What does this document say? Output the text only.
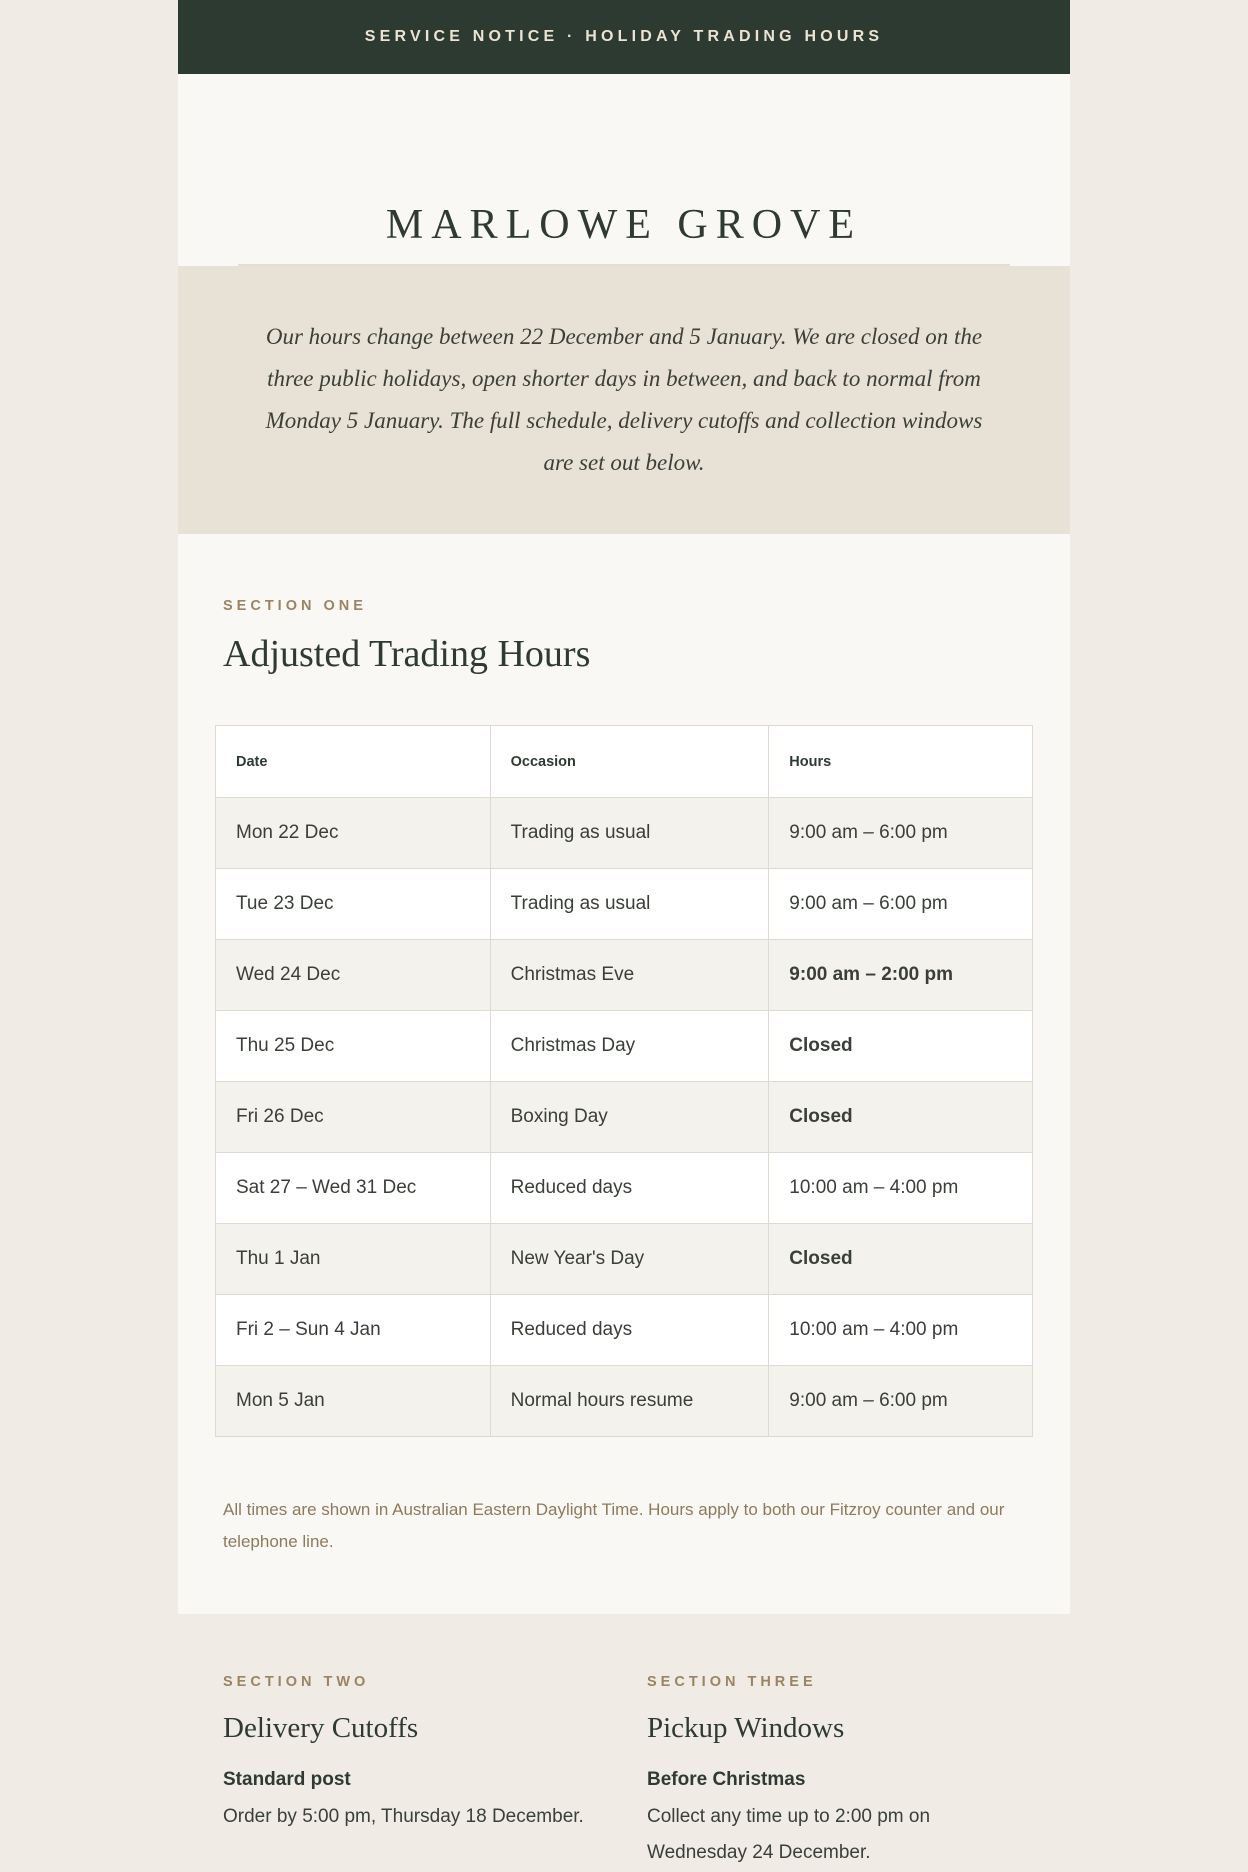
SERVICE NOTICE · HOLIDAY TRADING HOURS
MARLOWE GROVE

Our hours change between 22 December and 5 January. We are closed on the three public holidays, open shorter days in between, and back to normal from Monday 5 January. The full schedule, delivery cutoffs and collection windows are set out below.

SECTION ONE
Adjusted Trading Hours
Date	Occasion	Hours
Mon 22 Dec	Trading as usual	9:00 am – 6:00 pm
Tue 23 Dec	Trading as usual	9:00 am – 6:00 pm
Wed 24 Dec	Christmas Eve	9:00 am – 2:00 pm
Thu 25 Dec	Christmas Day	Closed
Fri 26 Dec	Boxing Day	Closed
Sat 27 – Wed 31 Dec	Reduced days	10:00 am – 4:00 pm
Thu 1 Jan	New Year's Day	Closed
Fri 2 – Sun 4 Jan	Reduced days	10:00 am – 4:00 pm
Mon 5 Jan	Normal hours resume	9:00 am – 6:00 pm
All times are shown in Australian Eastern Daylight Time. Hours apply to both our Fitzroy counter and our telephone line.
SECTION TWO
Delivery Cutoffs
Standard post
Order by 5:00 pm, Thursday 18 December.
SECTION THREE
Pickup Windows
Before Christmas
Collect any time up to 2:00 pm on Wednesday 24 December.
